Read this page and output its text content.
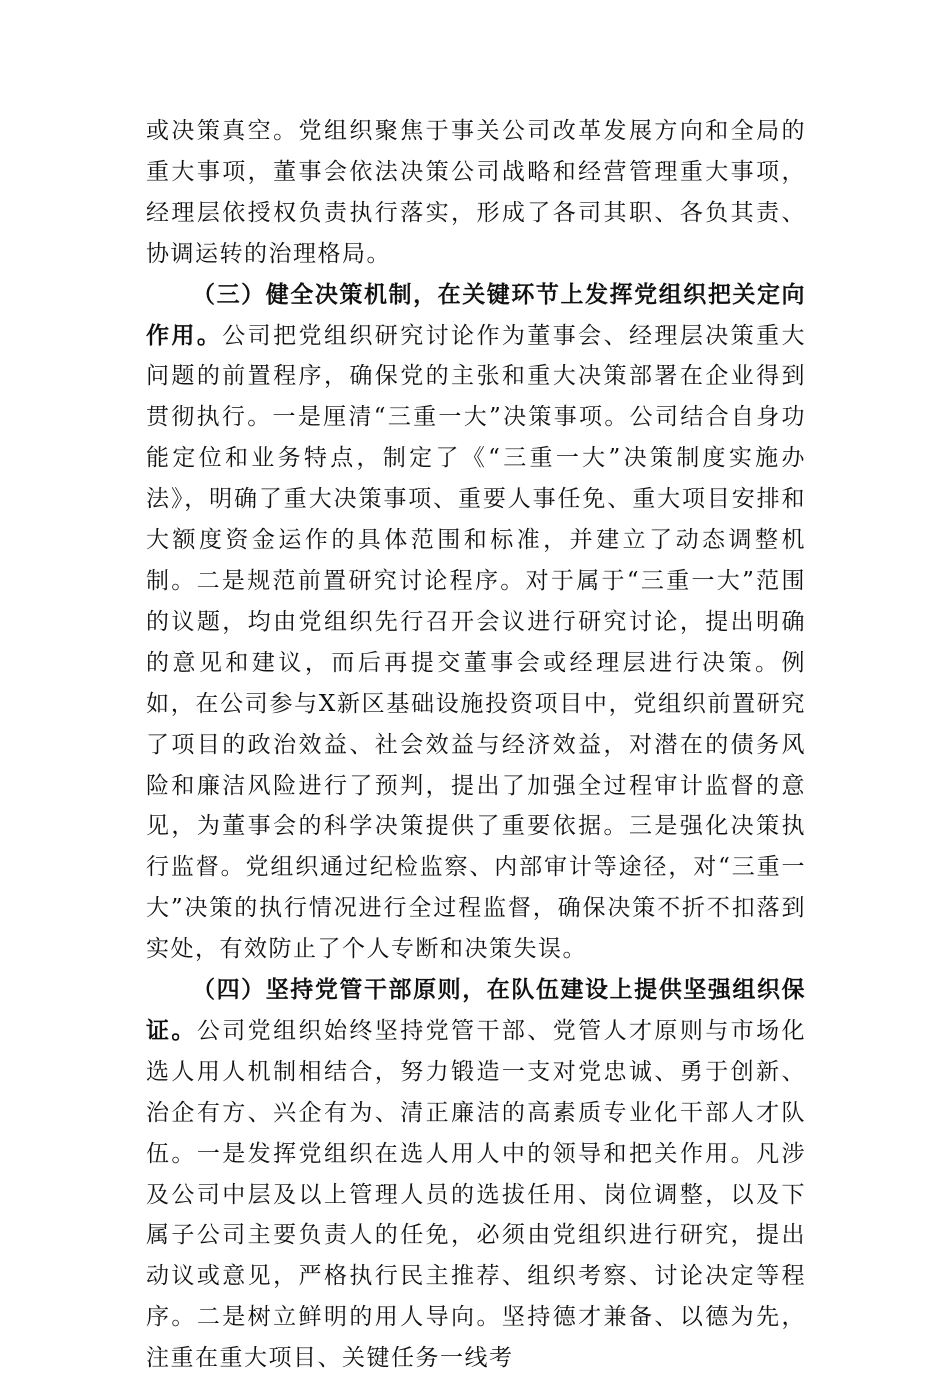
或决策真空。党组织聚焦于事关公司改革发展方向和全局的重大事项，董事会依法决策公司战略和经营管理重大事项，经理层依授权负责执行落实，形成了各司其职、各负其责、协调运转的治理格局。

（三）健全决策机制，在关键环节上发挥党组织把关定向作用。公司把党组织研究讨论作为董事会、经理层决策重大问题的前置程序，确保党的主张和重大决策部署在企业得到贯彻执行。一是厘清“三重一大”决策事项。公司结合自身功能定位和业务特点，制定了《“三重一大”决策制度实施办法》，明确了重大决策事项、重要人事任免、重大项目安排和大额度资金运作的具体范围和标准，并建立了动态调整机制。二是规范前置研究讨论程序。对于属于“三重一大”范围的议题，均由党组织先行召开会议进行研究讨论，提出明确的意见和建议，而后再提交董事会或经理层进行决策。例如，在公司参与X新区基础设施投资项目中，党组织前置研究了项目的政治效益、社会效益与经济效益，对潜在的债务风险和廉洁风险进行了预判，提出了加强全过程审计监督的意见，为董事会的科学决策提供了重要依据。三是强化决策执行监督。党组织通过纪检监察、内部审计等途径，对“三重一大”决策的执行情况进行全过程监督，确保决策不折不扣落到实处，有效防止了个人专断和决策失误。

（四）坚持党管干部原则，在队伍建设上提供坚强组织保证。公司党组织始终坚持党管干部、党管人才原则与市场化选人用人机制相结合，努力锻造一支对党忠诚、勇于创新、治企有方、兴企有为、清正廉洁的高素质专业化干部人才队伍。一是发挥党组织在选人用人中的领导和把关作用。凡涉及公司中层及以上管理人员的选拔任用、岗位调整，以及下属子公司主要负责人的任免，必须由党组织进行研究，提出动议或意见，严格执行民主推荐、组织考察、讨论决定等程序。二是树立鲜明的用人导向。坚持德才兼备、以德为先，注重在重大项目、关键任务一线考
